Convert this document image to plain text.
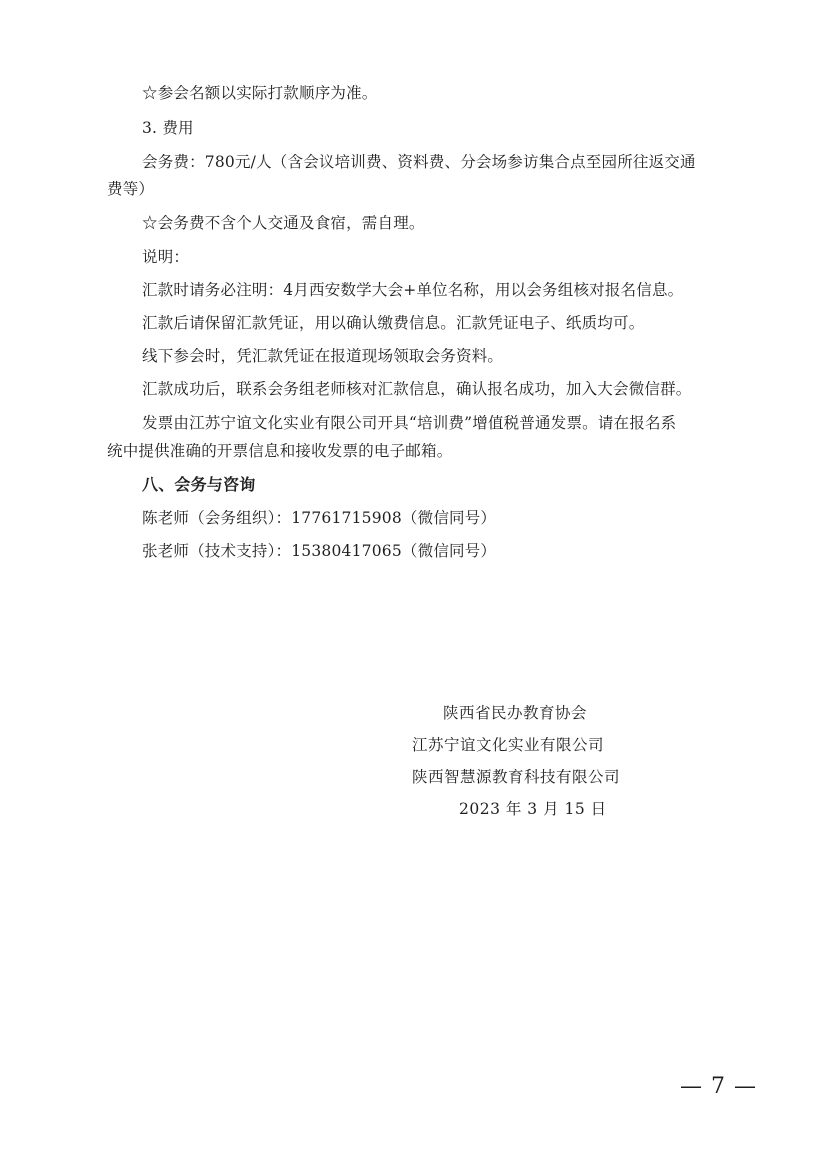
☆参会名额以实际打款顺序为准。
3. 费用
会务费：780元/人（含会议培训费、资料费、分会场参访集合点至园所往返交通
费等）
☆会务费不含个人交通及食宿，需自理。
说明：
汇款时请务必注明：4月西安数学大会+单位名称，用以会务组核对报名信息。
汇款后请保留汇款凭证，用以确认缴费信息。汇款凭证电子、纸质均可。
线下参会时，凭汇款凭证在报道现场领取会务资料。
汇款成功后，联系会务组老师核对汇款信息，确认报名成功，加入大会微信群。
发票由江苏宁谊文化实业有限公司开具“培训费”增值税普通发票。请在报名系
统中提供准确的开票信息和接收发票的电子邮箱。
八、会务与咨询
陈老师（会务组织）：17761715908（微信同号）
张老师（技术支持）：15380417065（微信同号）
陕西省民办教育协会
江苏宁谊文化实业有限公司
陕西智慧源教育科技有限公司
2023 年 3 月 15 日
— 7 —
